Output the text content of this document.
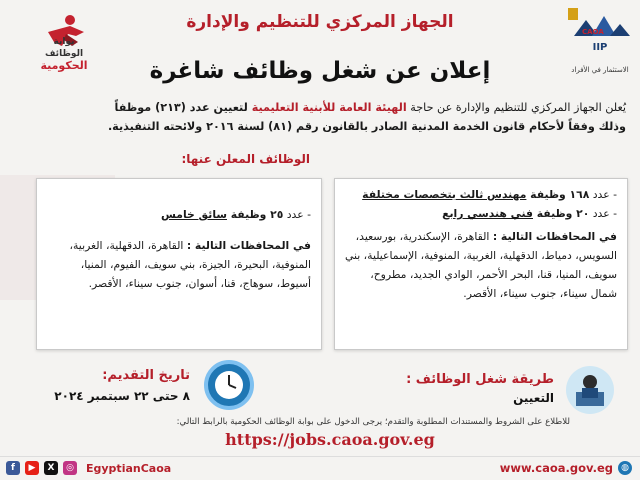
بوابة
الوظائف
الحكومية
IIP
CAOA
الاستثمار في الأفراد
الجهاز المركزي للتنظيم والإدارة
إعلان عن شغل وظائف شاغرة
يُعلن الجهاز المركزي للتنظيم والإدارة عن حاجة الهيئة العامة للأبنية التعليمية لتعيين عدد (٢١٣) موظفاً
وذلك وفقاً لأحكام قانون الخدمة المدنية الصادر بالقانون رقم (٨١) لسنة ٢٠١٦ ولائحته التنفيذية.
الوظائف المعلن عنها:

- عدد ١٦٨ وظيفة مهندس ثالث بتخصصات مختلفة

- عدد ٢٠ وظيفة فني هندسي رابع

في المحافظات التالية : القاهرة، الإسكندرية، بورسعيد، السويس، دمياط، الدقهلية، الغربية، المنوفية، الإسماعيلية، بني سويف، المنيا، قنا، البحر الأحمر، الوادي الجديد، مطروح، شمال سيناء، جنوب سيناء، الأقصر.

- عدد ٢٥ وظيفة سائق خامس

في المحافظات التالية : القاهرة، الدقهلية، الغربية، المنوفية، البحيرة، الجيزة، بني سويف، الفيوم، المنيا، أسيوط، سوهاج، قنا، أسوان، جنوب سيناء، الأقصر.

طريقة شغل الوظائف :
التعيين
تاريخ التقديم:
٨ حتى ٢٢ سبتمبر ٢٠٢٤
للاطلاع على الشروط والمستندات المطلوبة والتقدم؛ يرجى الدخول على بوابة الوظائف الحكومية بالرابط التالي:
https://jobs.caoa.gov.eg
f	▶	X	◎ EgyptianCaoa	www.caoa.gov.eg ◍
